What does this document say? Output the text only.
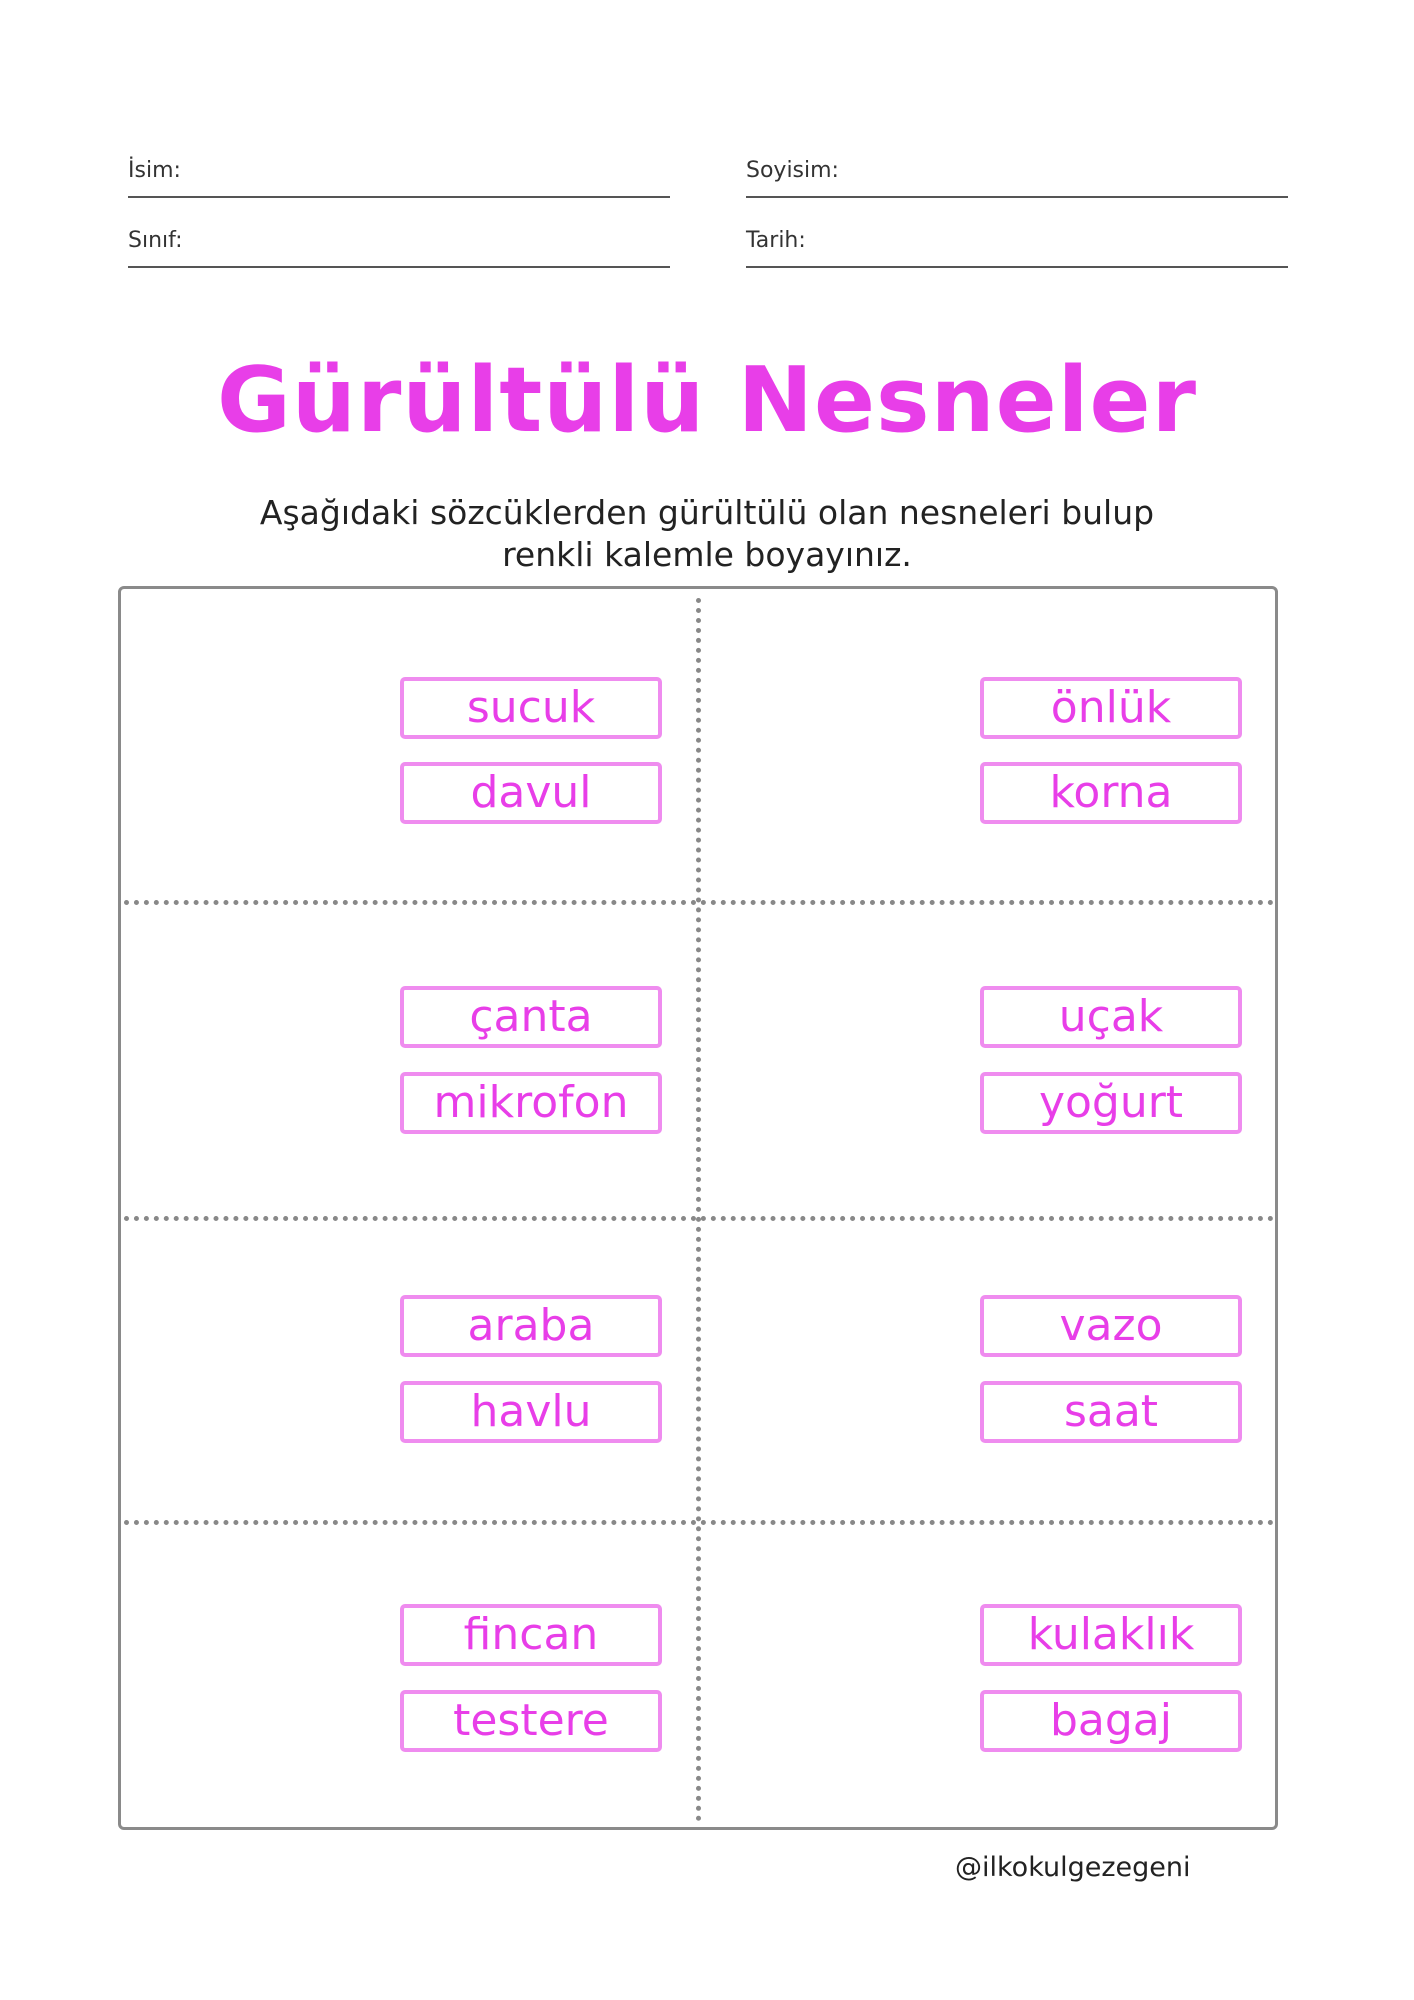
İsim:	Soyisim:
Sınıf:	Tarih:
Gürültülü Nesneler
Aşağıdaki sözcüklerden gürültülü olan nesneleri bulup
renkli kalemle boyayınız.
sucuk
davul
önlük
korna
çanta
mikrofon
uçak
yoğurt
araba
havlu
vazo
saat
fincan
testere
kulaklık
bagaj
@ilkokulgezegeni
